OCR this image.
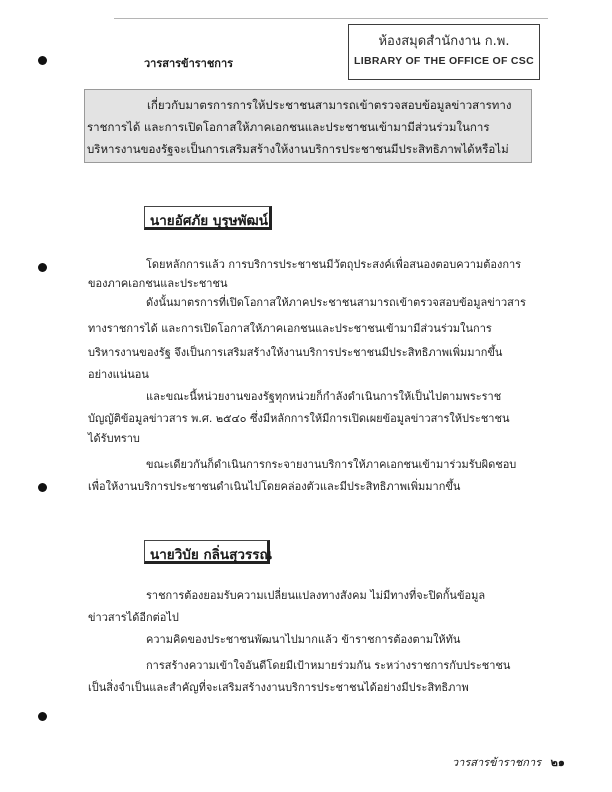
ห้องสมุดสำนักงาน ก.พ.
LIBRARY OF THE OFFICE OF CSC
วารสารข้าราชการ
เกี่ยวกับมาตรการการให้ประชาชนสามารถเข้าตรวจสอบข้อมูลข่าวสารทาง
ราชการได้ และการเปิดโอกาสให้ภาคเอกชนและประชาชนเข้ามามีส่วนร่วมในการ
บริหารงานของรัฐจะเป็นการเสริมสร้างให้งานบริการประชาชนมีประสิทธิภาพได้หรือไม่
นายอัศภัย บุรุษพัฒน์
โดยหลักการแล้ว การบริการประชาชนมีวัตถุประสงค์เพื่อสนองตอบความต้องการ
ของภาคเอกชนและประชาชน
ดังนั้นมาตรการที่เปิดโอกาสให้ภาคประชาชนสามารถเข้าตรวจสอบข้อมูลข่าวสาร
ทางราชการได้ และการเปิดโอกาสให้ภาคเอกชนและประชาชนเข้ามามีส่วนร่วมในการ
บริหารงานของรัฐ จึงเป็นการเสริมสร้างให้งานบริการประชาชนมีประสิทธิภาพเพิ่มมากขึ้น
อย่างแน่นอน
และขณะนี้หน่วยงานของรัฐทุกหน่วยก็กำลังดำเนินการให้เป็นไปตามพระราช
บัญญัติข้อมูลข่าวสาร พ.ศ. ๒๕๔๐ ซึ่งมีหลักการให้มีการเปิดเผยข้อมูลข่าวสารให้ประชาชน
ได้รับทราบ
ขณะเดียวกันก็ดำเนินการกระจายงานบริการให้ภาคเอกชนเข้ามาร่วมรับผิดชอบ
เพื่อให้งานบริการประชาชนดำเนินไปโดยคล่องตัวและมีประสิทธิภาพเพิ่มมากขึ้น
นายวิบัย กลิ่นสุวรรณ
ราชการต้องยอมรับความเปลี่ยนแปลงทางสังคม ไม่มีทางที่จะปิดกั้นข้อมูล
ข่าวสารได้อีกต่อไป
ความคิดของประชาชนพัฒนาไปมากแล้ว ข้าราชการต้องตามให้ทัน
การสร้างความเข้าใจอันดีโดยมีเป้าหมายร่วมกัน ระหว่างราชการกับประชาชน
เป็นสิ่งจำเป็นและสำคัญที่จะเสริมสร้างงานบริการประชาชนได้อย่างมีประสิทธิภาพ
วารสารข้าราชการ ๒๑
